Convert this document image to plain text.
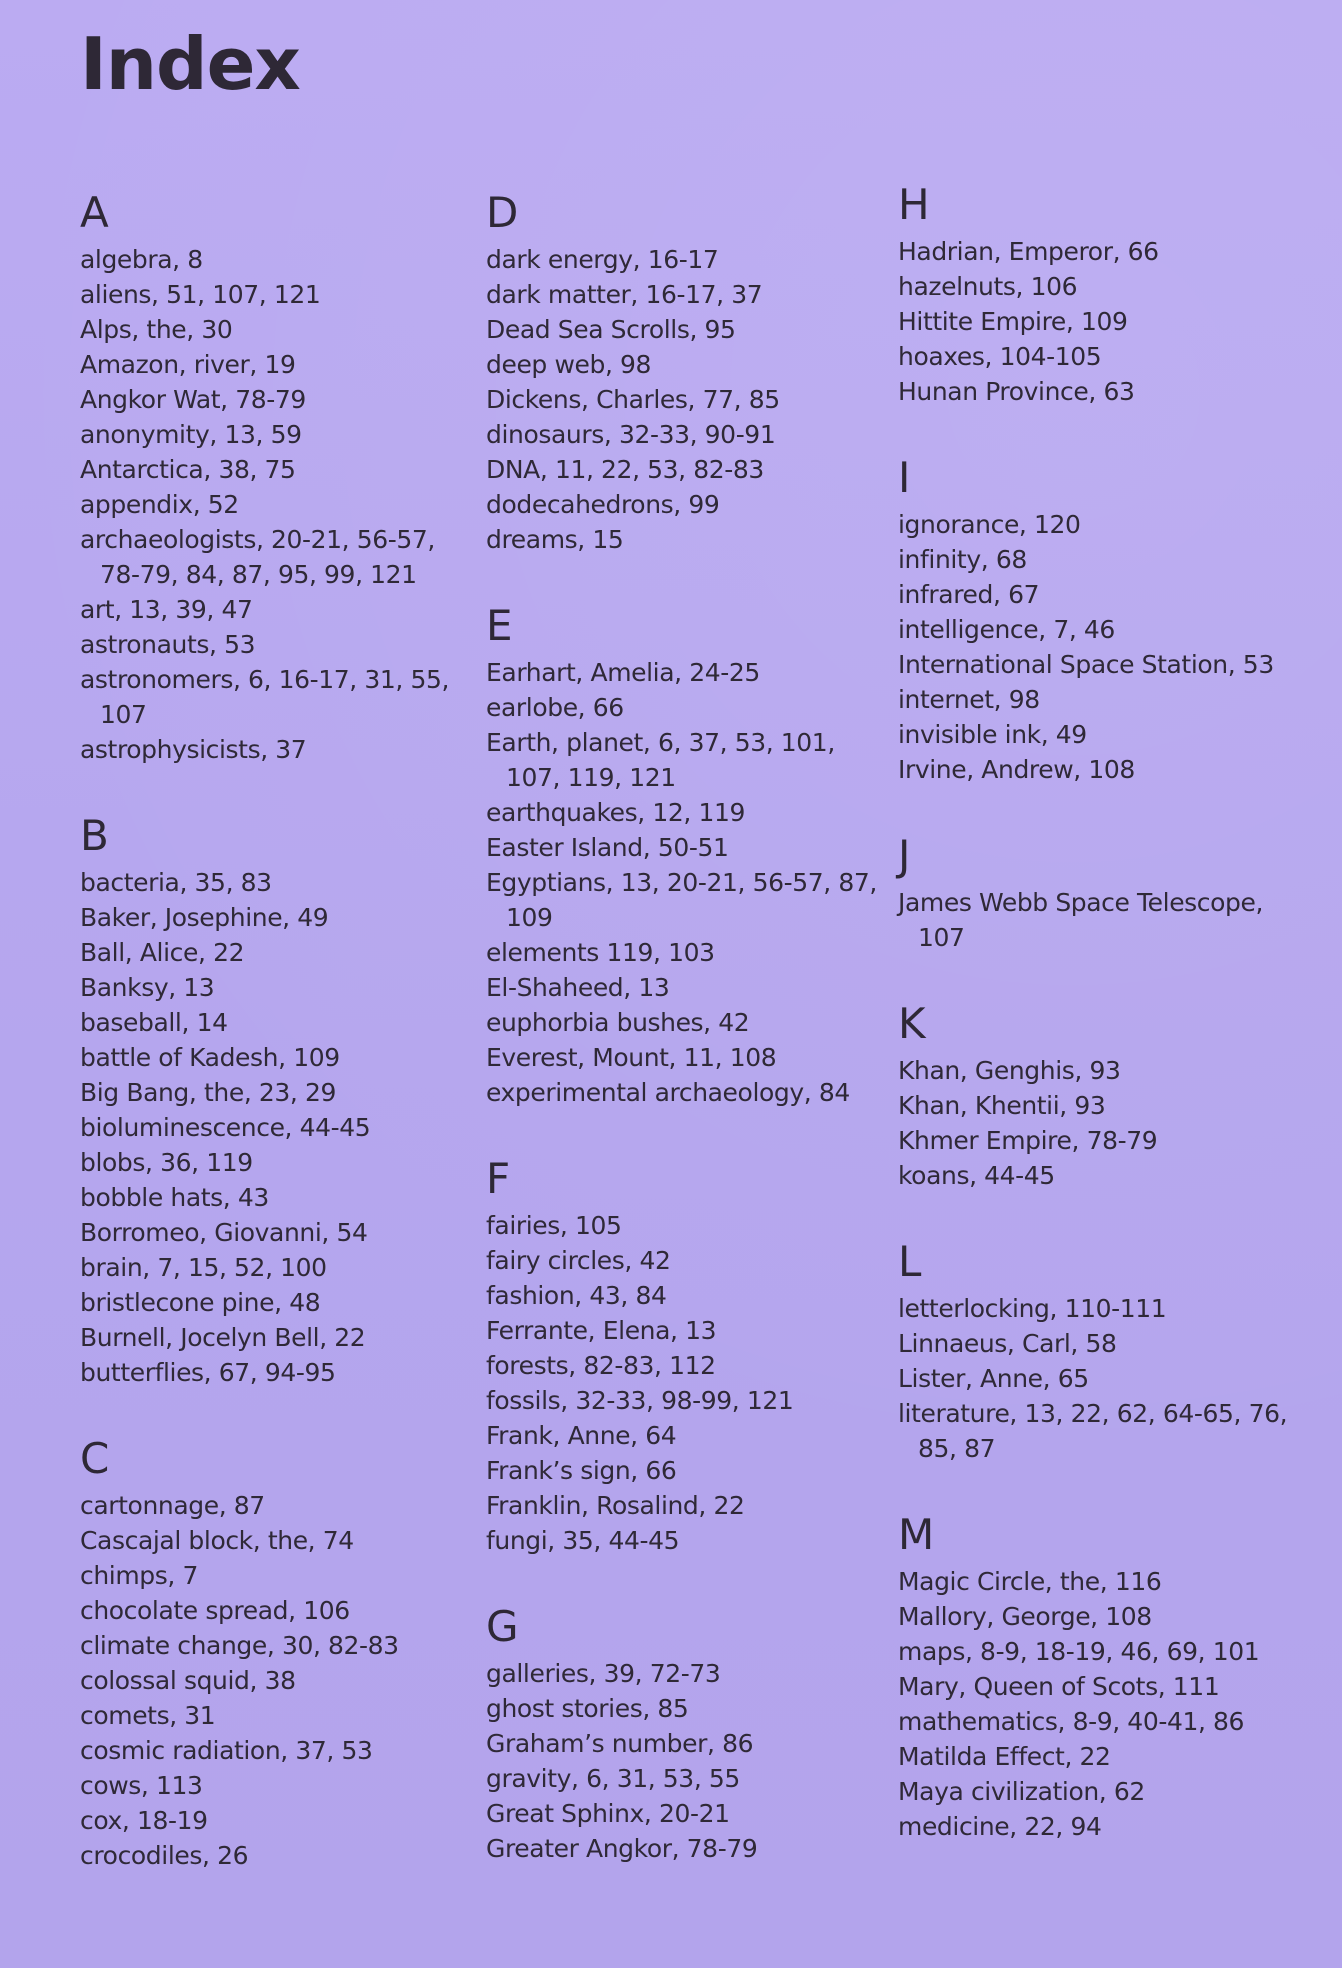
Index
A
algebra, 8
aliens, 51, 107, 121
Alps, the, 30
Amazon, river, 19
Angkor Wat, 78-79
anonymity, 13, 59
Antarctica, 38, 75
appendix, 52
archaeologists, 20-21, 56-57, 78-79, 84, 87, 95, 99, 121
art, 13, 39, 47
astronauts, 53
astronomers, 6, 16-17, 31, 55, 107
astrophysicists, 37
B
bacteria, 35, 83
Baker, Josephine, 49
Ball, Alice, 22
Banksy, 13
baseball, 14
battle of Kadesh, 109
Big Bang, the, 23, 29
bioluminescence, 44-45
blobs, 36, 119
bobble hats, 43
Borromeo, Giovanni, 54
brain, 7, 15, 52, 100
bristlecone pine, 48
Burnell, Jocelyn Bell, 22
butterflies, 67, 94-95
C
cartonnage, 87
Cascajal block, the, 74
chimps, 7
chocolate spread, 106
climate change, 30, 82-83
colossal squid, 38
comets, 31
cosmic radiation, 37, 53
cows, 113
cox, 18-19
crocodiles, 26
D
dark energy, 16-17
dark matter, 16-17, 37
Dead Sea Scrolls, 95
deep web, 98
Dickens, Charles, 77, 85
dinosaurs, 32-33, 90-91
DNA, 11, 22, 53, 82-83
dodecahedrons, 99
dreams, 15
E
Earhart, Amelia, 24-25
earlobe, 66
Earth, planet, 6, 37, 53, 101, 107, 119, 121
earthquakes, 12, 119
Easter Island, 50-51
Egyptians, 13, 20-21, 56-57, 87, 109
elements 119, 103
El-Shaheed, 13
euphorbia bushes, 42
Everest, Mount, 11, 108
experimental archaeology, 84
F
fairies, 105
fairy circles, 42
fashion, 43, 84
Ferrante, Elena, 13
forests, 82-83, 112
fossils, 32-33, 98-99, 121
Frank, Anne, 64
Frank’s sign, 66
Franklin, Rosalind, 22
fungi, 35, 44-45
G
galleries, 39, 72-73
ghost stories, 85
Graham’s number, 86
gravity, 6, 31, 53, 55
Great Sphinx, 20-21
Greater Angkor, 78-79
H
Hadrian, Emperor, 66
hazelnuts, 106
Hittite Empire, 109
hoaxes, 104-105
Hunan Province, 63
I
ignorance, 120
infinity, 68
infrared, 67
intelligence, 7, 46
International Space Station, 53
internet, 98
invisible ink, 49
Irvine, Andrew, 108
J
James Webb Space Telescope, 107
K
Khan, Genghis, 93
Khan, Khentii, 93
Khmer Empire, 78-79
koans, 44-45
L
letterlocking, 110-111
Linnaeus, Carl, 58
Lister, Anne, 65
literature, 13, 22, 62, 64-65, 76, 85, 87
M
Magic Circle, the, 116
Mallory, George, 108
maps, 8-9, 18-19, 46, 69, 101
Mary, Queen of Scots, 111
mathematics, 8-9, 40-41, 86
Matilda Effect, 22
Maya civilization, 62
medicine, 22, 94
